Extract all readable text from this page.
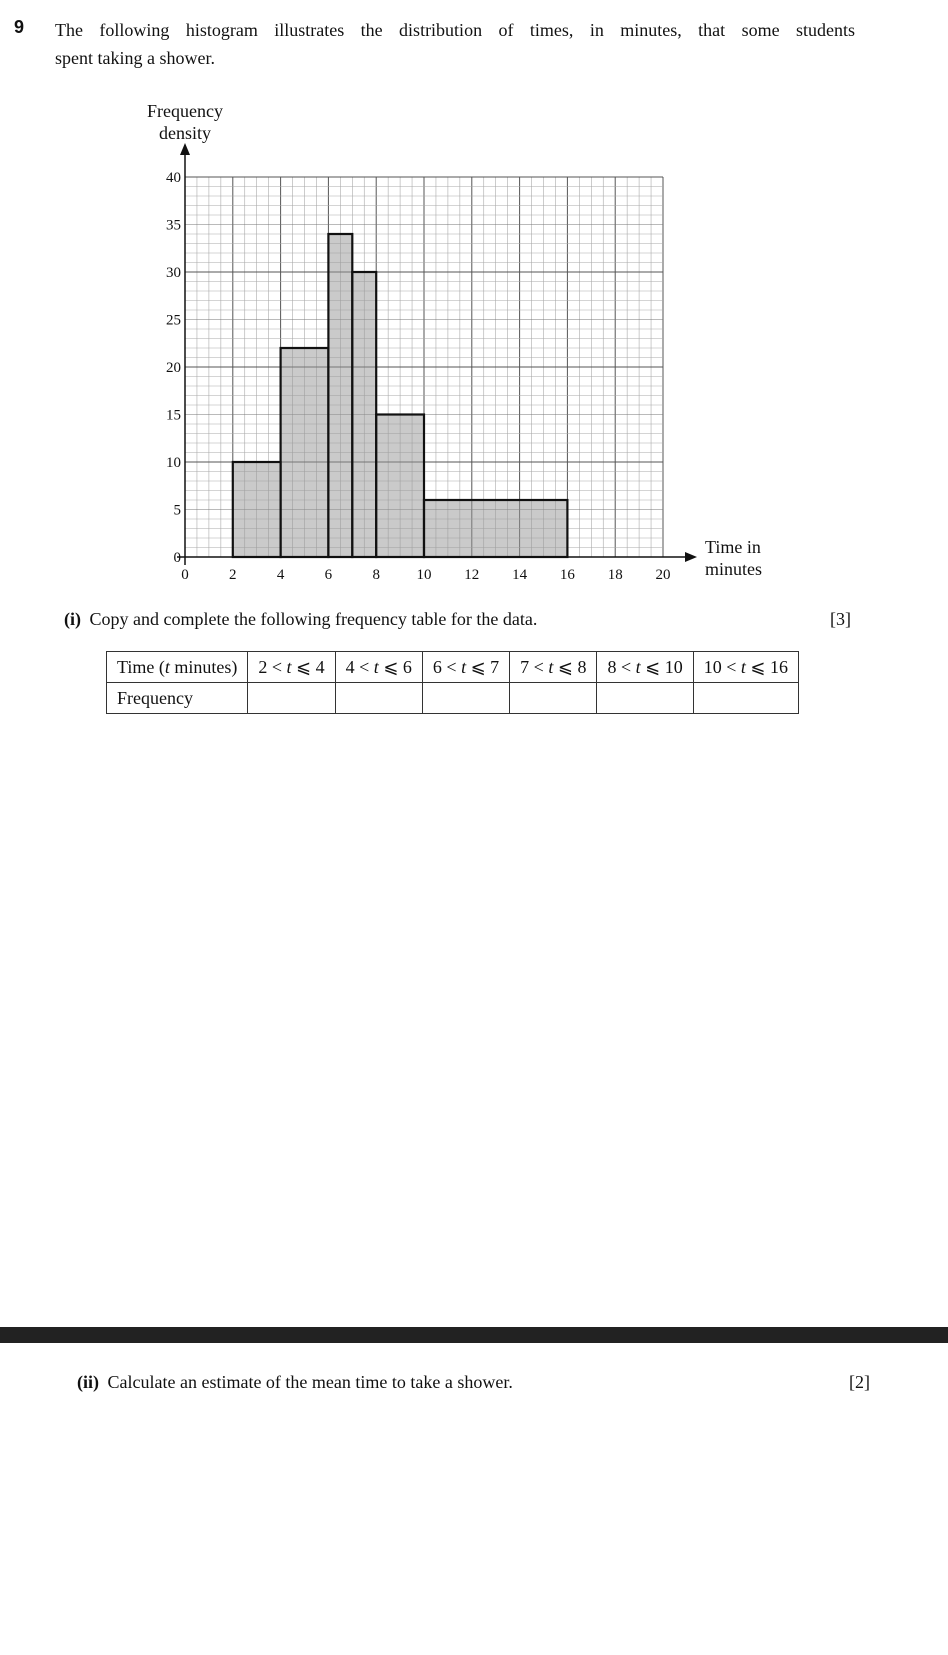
9 The following histogram illustrates the distribution of times, in minutes, that some students
spent taking a shower.
0	2	4	6	8 10 12 14 16 18 20
0
5
10
15
20
25
30
35
40
Frequency
density
Time in
minutes
(i) Copy and complete the following frequency table for the data.	[3]
Time (t minutes)	2 < t ⩽ 4	4 < t ⩽ 6	6 < t ⩽ 7	7 < t ⩽ 8	8 < t ⩽ 10	10 < t ⩽ 16
Frequency						
(ii) Calculate an estimate of the mean time to take a shower.	[2]
